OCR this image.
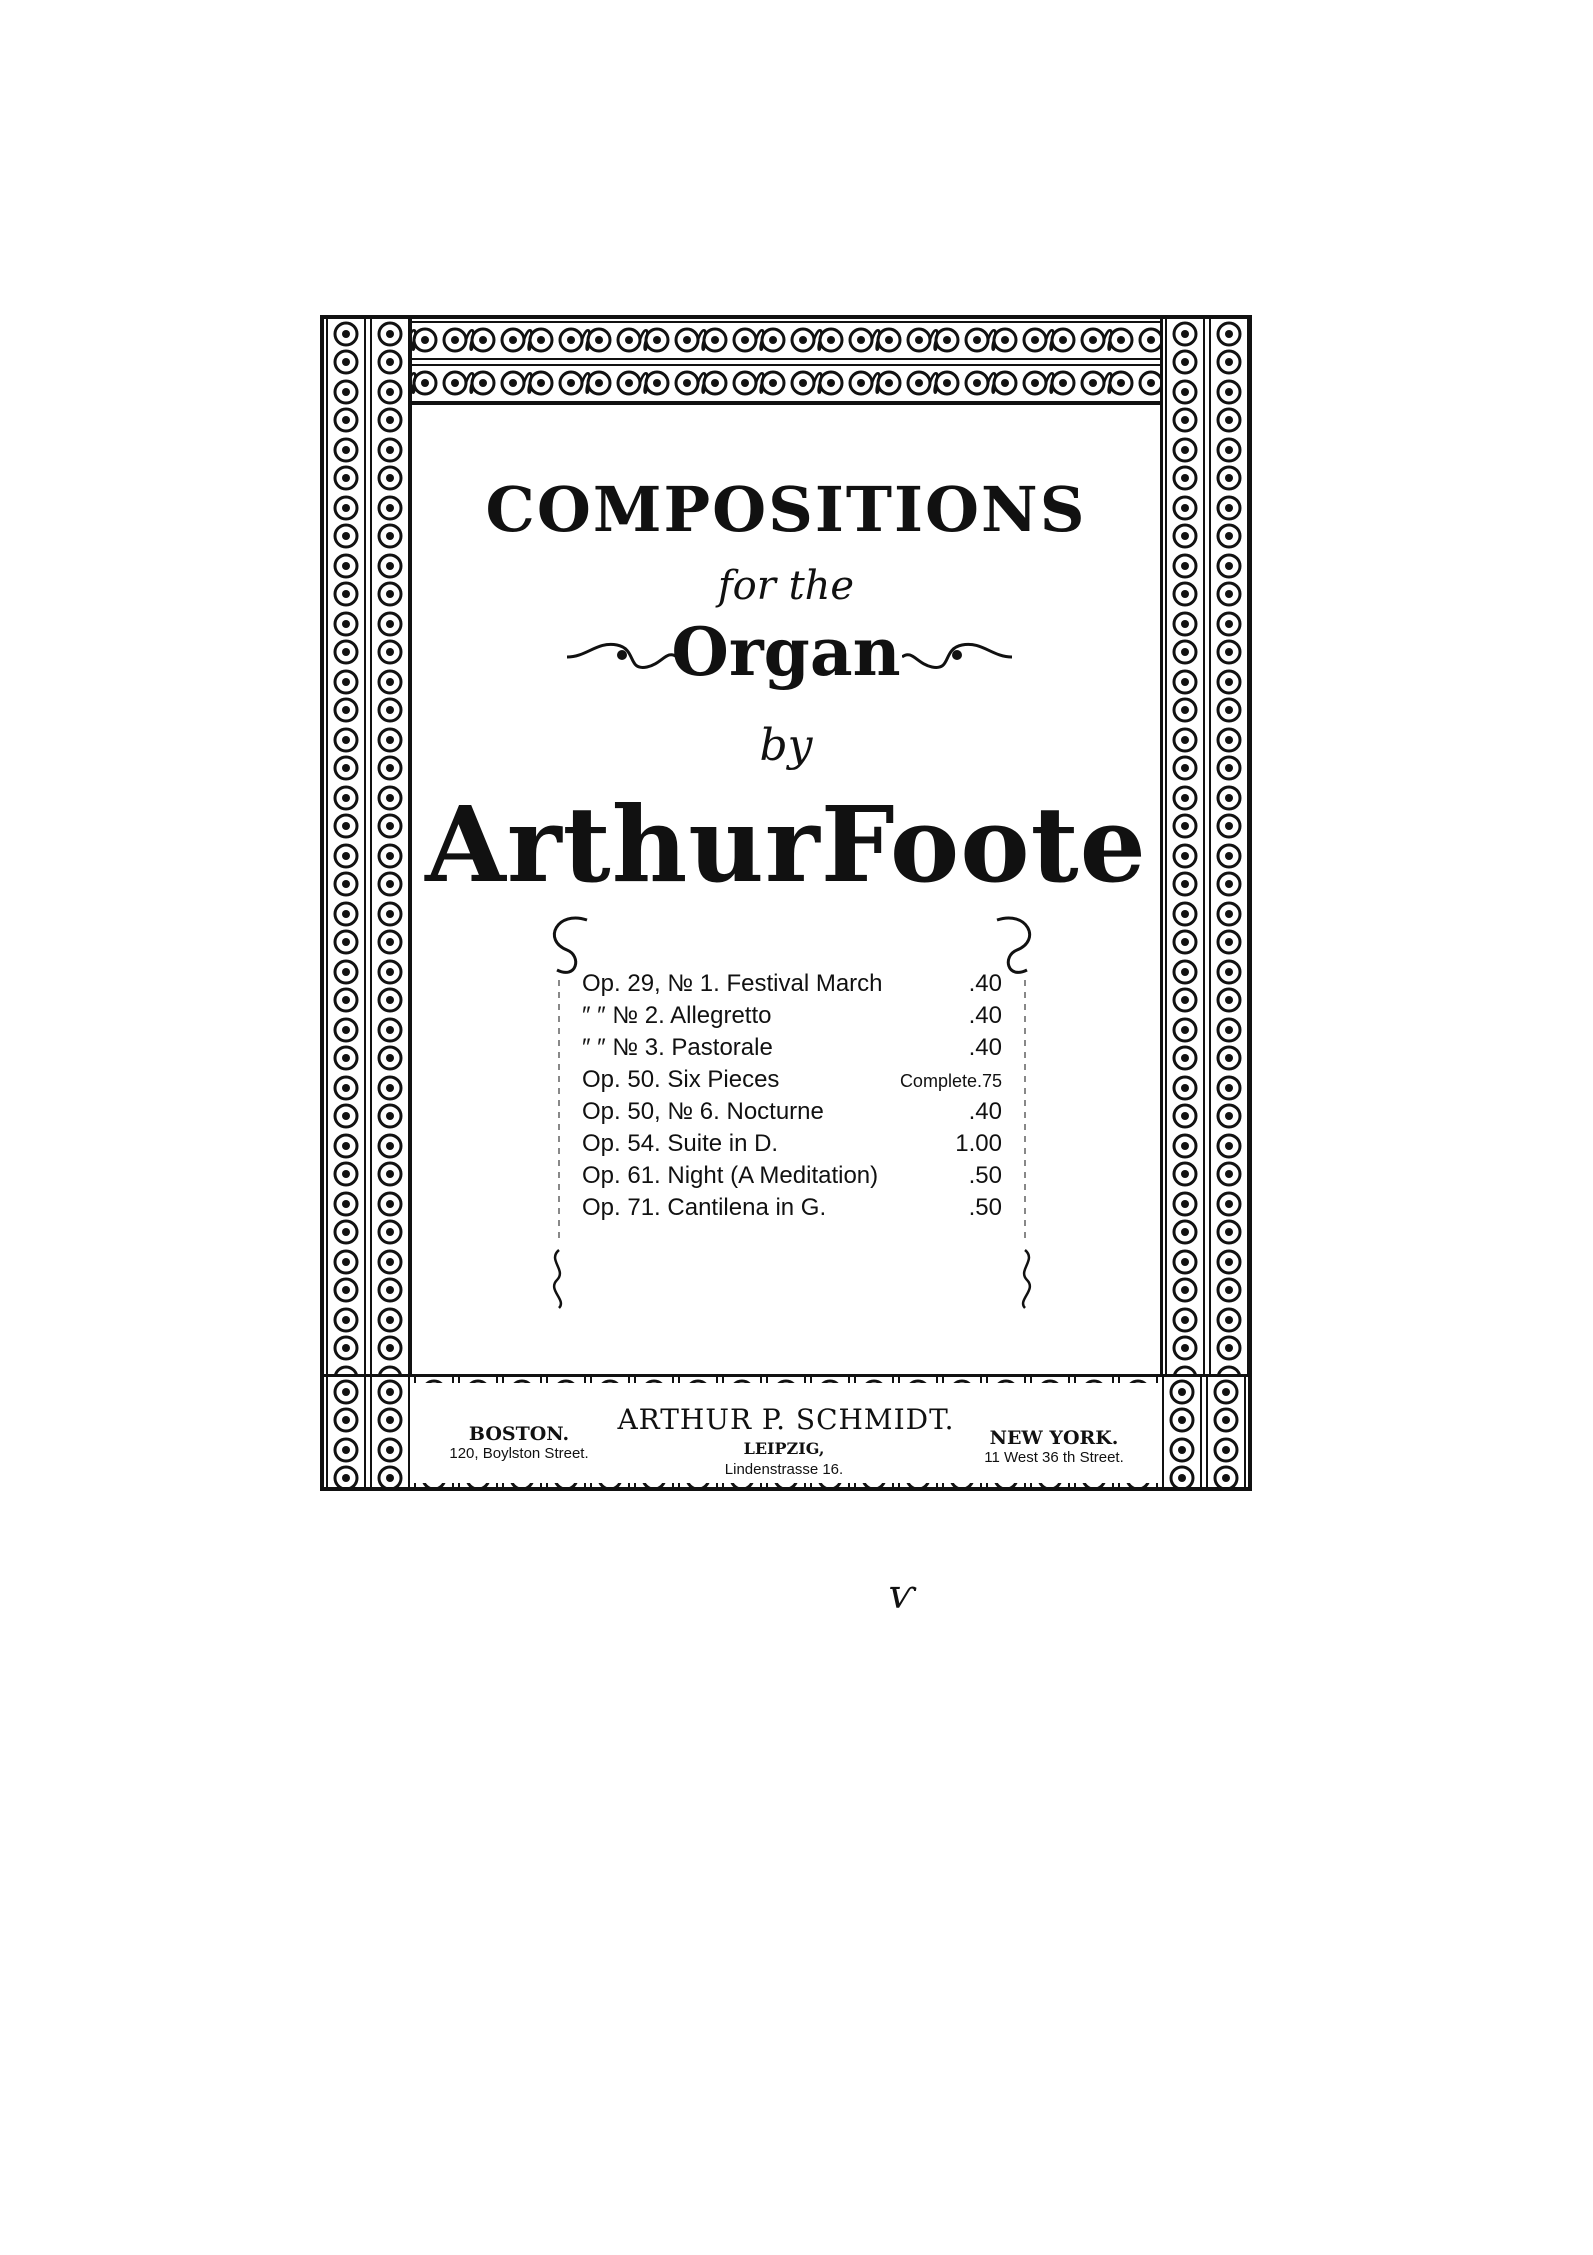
ARTHUR P. SCHMIDT.
BOSTON.
120, Boylston Street.	LEIPZIG,
Lindenstrasse 16.
NEW YORK.
11 West 36 th Street.
COMPOSITIONS
for the
Organ
by
ArthurFoote
Op. 29, № 1. Festival March	.40
″ ″ № 2. Allegretto	.40
″ ″ № 3. Pastorale	.40
Op. 50. Six Pieces	Complete.75
Op. 50, № 6. Nocturne	.40
Op. 54. Suite in D.	1.00
Op. 61. Night (A Meditation)	.50
Op. 71. Cantilena in G.	.50
ѵ
